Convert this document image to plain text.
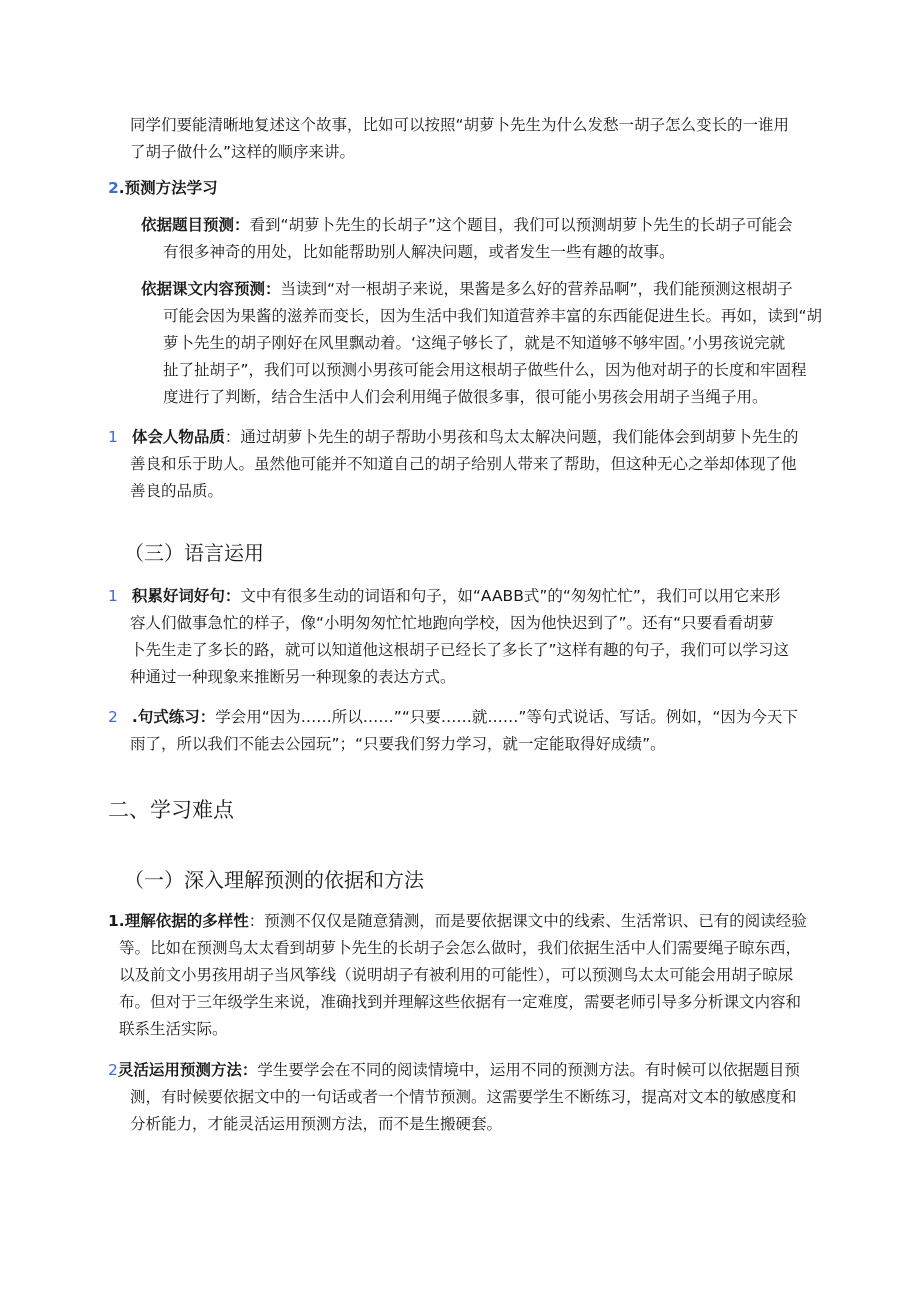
同学们要能清晰地复述这个故事，比如可以按照“胡萝卜先生为什么发愁一胡子怎么变长的一谁用

了胡子做什么”这样的顺序来讲。

2.预测方法学习

依据题目预测：看到“胡萝卜先生的长胡子”这个题目，我们可以预测胡萝卜先生的长胡子可能会

有很多神奇的用处，比如能帮助别人解决问题，或者发生一些有趣的故事。

依据课文内容预测：当读到“对一根胡子来说，果酱是多么好的营养品啊”，我们能预测这根胡子

可能会因为果酱的滋养而变长，因为生活中我们知道营养丰富的东西能促进生长。再如，读到“胡

萝卜先生的胡子刚好在风里飘动着。‘这绳子够长了，就是不知道够不够牢固。’小男孩说完就

扯了扯胡子”，我们可以预测小男孩可能会用这根胡子做些什么，因为他对胡子的长度和牢固程

度进行了判断，结合生活中人们会利用绳子做很多事，很可能小男孩会用胡子当绳子用。

1 体会人物品质：通过胡萝卜先生的胡子帮助小男孩和鸟太太解决问题，我们能体会到胡萝卜先生的

善良和乐于助人。虽然他可能并不知道自己的胡子给别人带来了帮助，但这种无心之举却体现了他

善良的品质。

（三）语言运用

1 积累好词好句：文中有很多生动的词语和句子，如“AABB式”的“匆匆忙忙”，我们可以用它来形

容人们做事急忙的样子，像“小明匆匆忙忙地跑向学校，因为他快迟到了”。还有“只要看看胡萝

卜先生走了多长的路，就可以知道他这根胡子已经长了多长了”这样有趣的句子，我们可以学习这

种通过一种现象来推断另一种现象的表达方式。

2 .句式练习：学会用“因为……所以……”“只要……就……”等句式说话、写话。例如，“因为今天下

雨了，所以我们不能去公园玩”；“只要我们努力学习，就一定能取得好成绩”。

二、学习难点

（一）深入理解预测的依据和方法

1.理解依据的多样性：预测不仅仅是随意猜测，而是要依据课文中的线索、生活常识、已有的阅读经验

等。比如在预测鸟太太看到胡萝卜先生的长胡子会怎么做时，我们依据生活中人们需要绳子晾东西，

以及前文小男孩用胡子当风筝线（说明胡子有被利用的可能性），可以预测鸟太太可能会用胡子晾尿

布。但对于三年级学生来说，准确找到并理解这些依据有一定难度，需要老师引导多分析课文内容和

联系生活实际。

2灵活运用预测方法：学生要学会在不同的阅读情境中，运用不同的预测方法。有时候可以依据题目预

测，有时候要依据文中的一句话或者一个情节预测。这需要学生不断练习，提高对文本的敏感度和

分析能力，才能灵活运用预测方法，而不是生搬硬套。
